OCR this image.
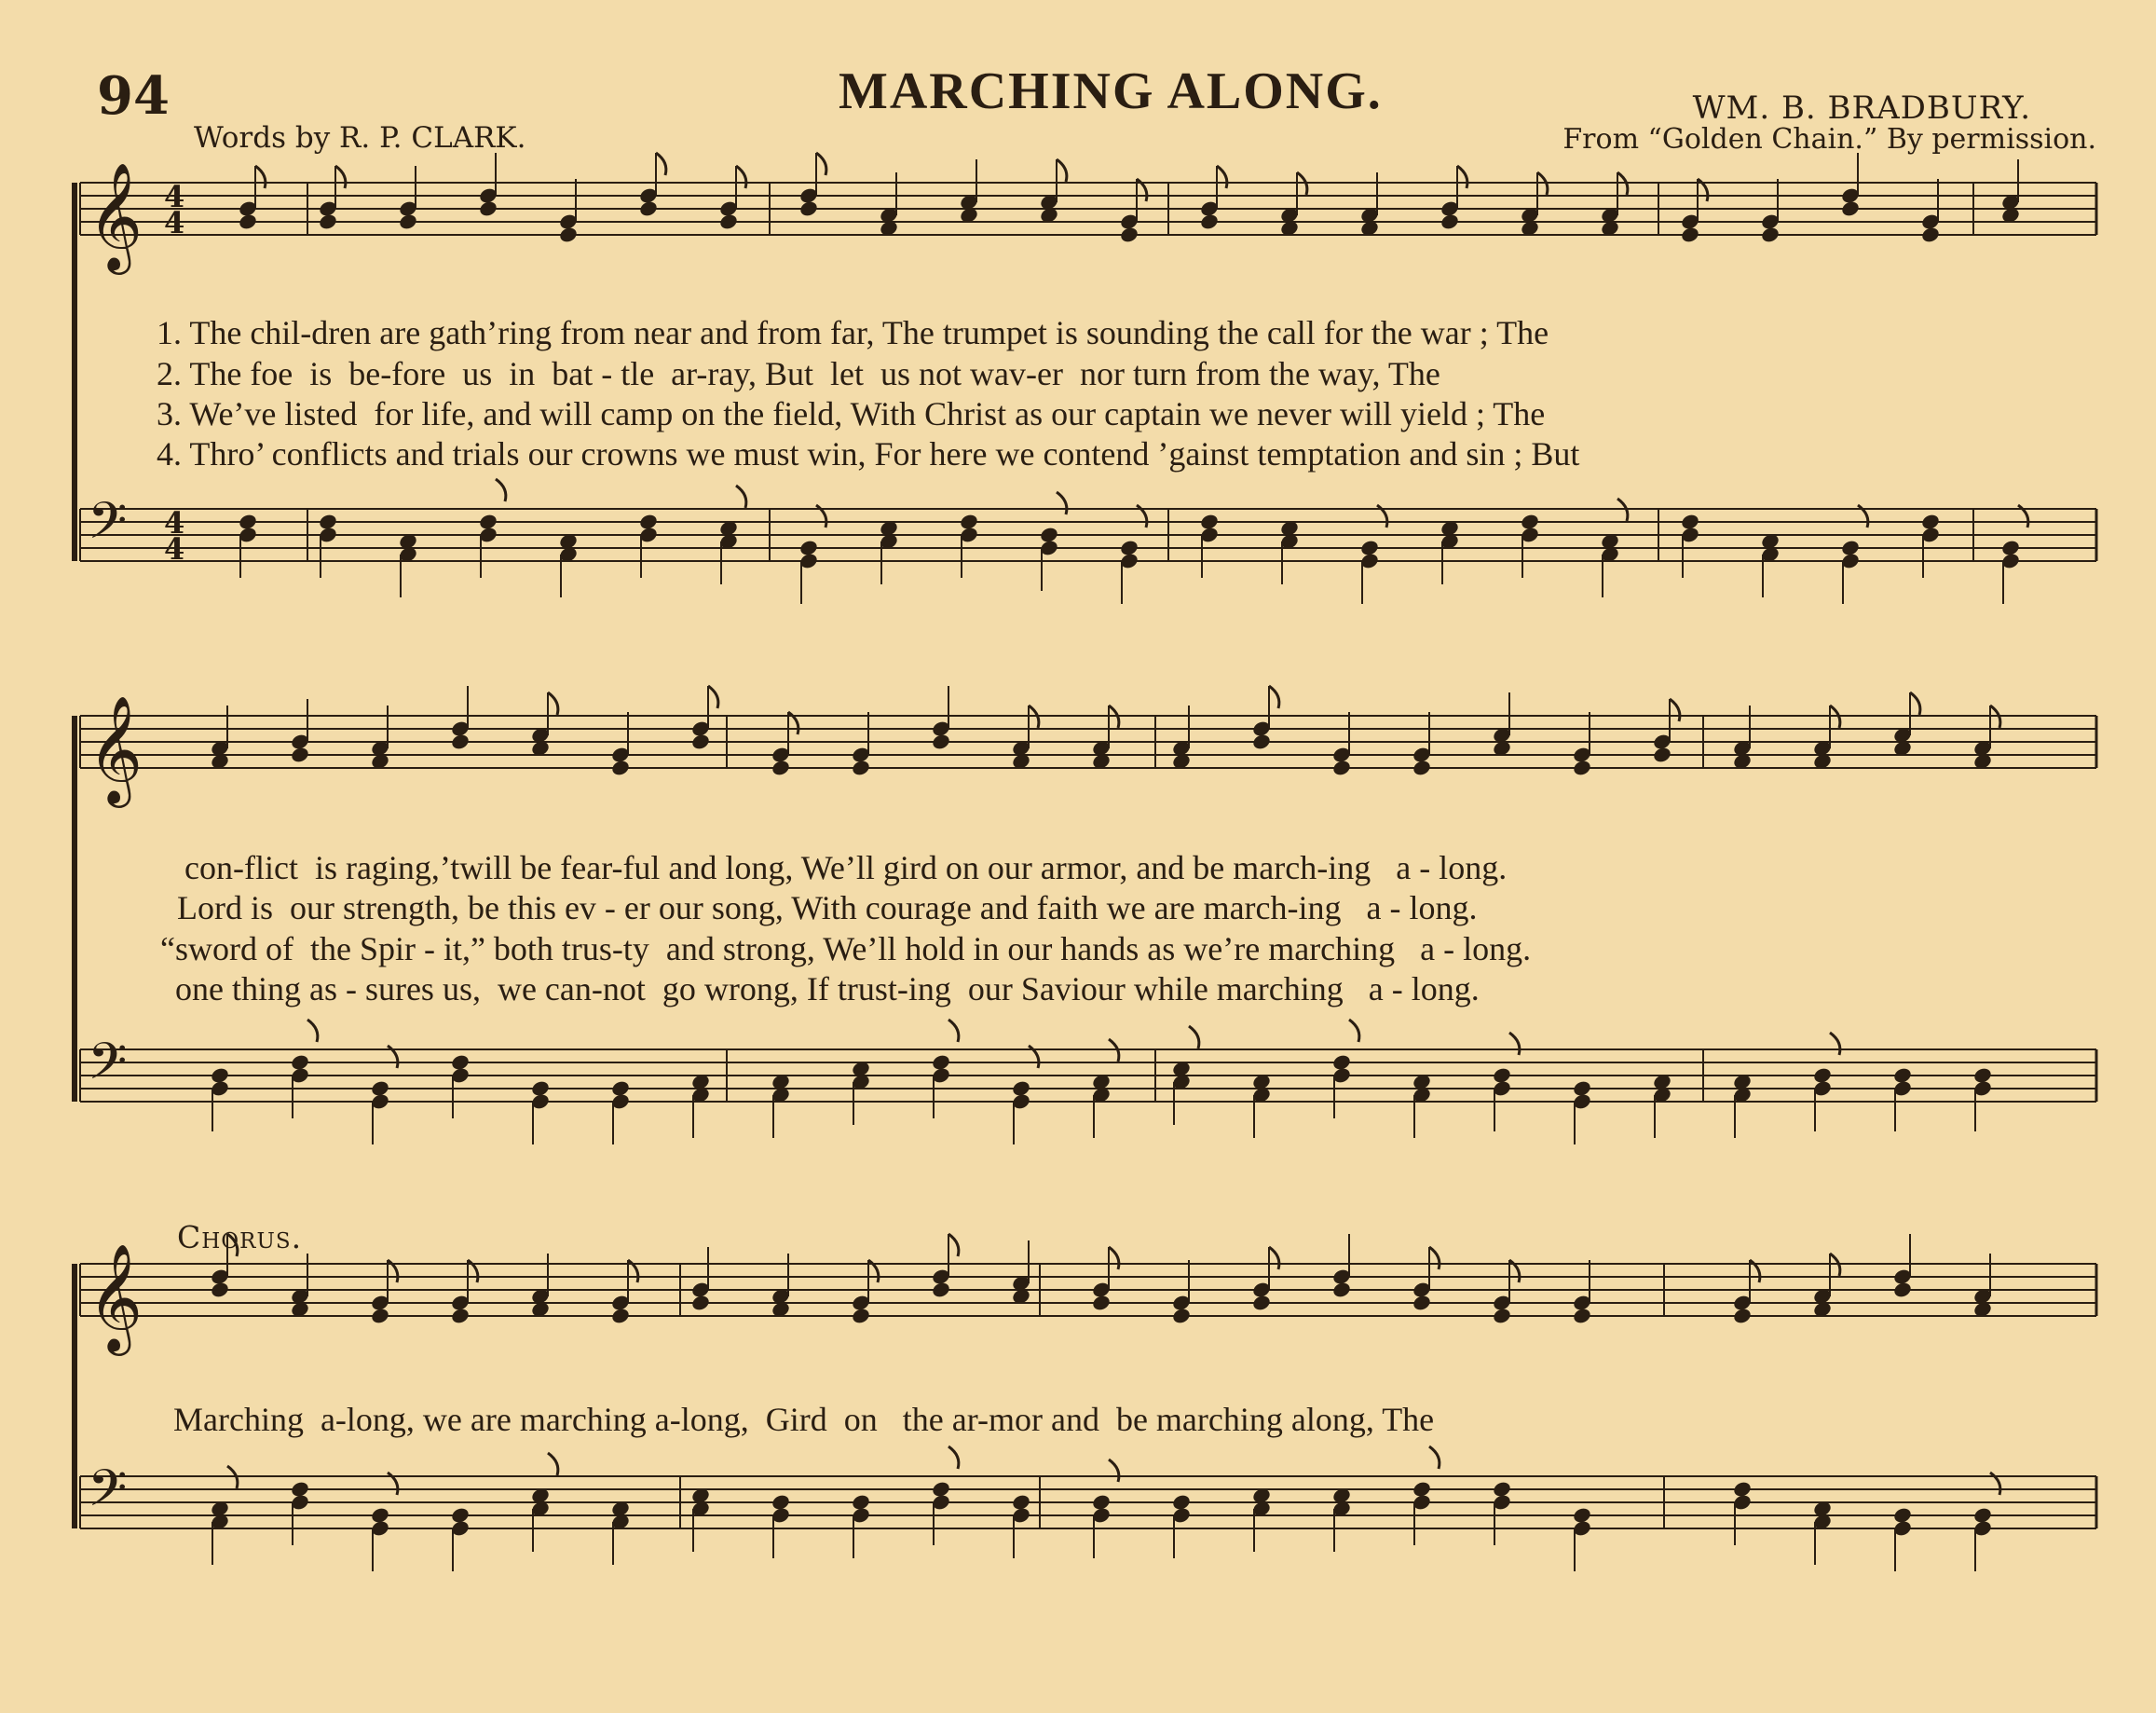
94	MARCHING ALONG.	WM. B. BRADBURY.
Words by R. P. CLARK.	From “Golden Chain.” By permission.
𝄞 4
4
𝄢 4
4
𝄞
𝄢
𝄞
𝄢
1. The chil-dren are gath’ring from near and from far, The trumpet is sounding the call for the war ; The
2. The foe  is  be-fore  us  in  bat - tle  ar-ray, But  let  us not wav-er  nor turn from the way, The
3. We’ve listed  for life, and will camp on the field, With Christ as our captain we never will yield ; The
4. Thro’ conflicts and trials our crowns we must win, For here we contend ’gainst temptation and sin ; But
con-flict  is raging,’twill be fear-ful and long, We’ll gird on our armor, and be march-ing   a - long.
Lord is  our strength, be this ev - er our song, With courage and faith we are march-ing   a - long.
“sword of  the Spir - it,” both trus-ty  and strong, We’ll hold in our hands as we’re marching   a - long.
one thing as - sures us,  we can-not  go wrong, If trust-ing  our Saviour while marching   a - long.
Chorus.
Marching  a-long, we are marching a-long,  Gird  on   the ar-mor and  be marching along, The
